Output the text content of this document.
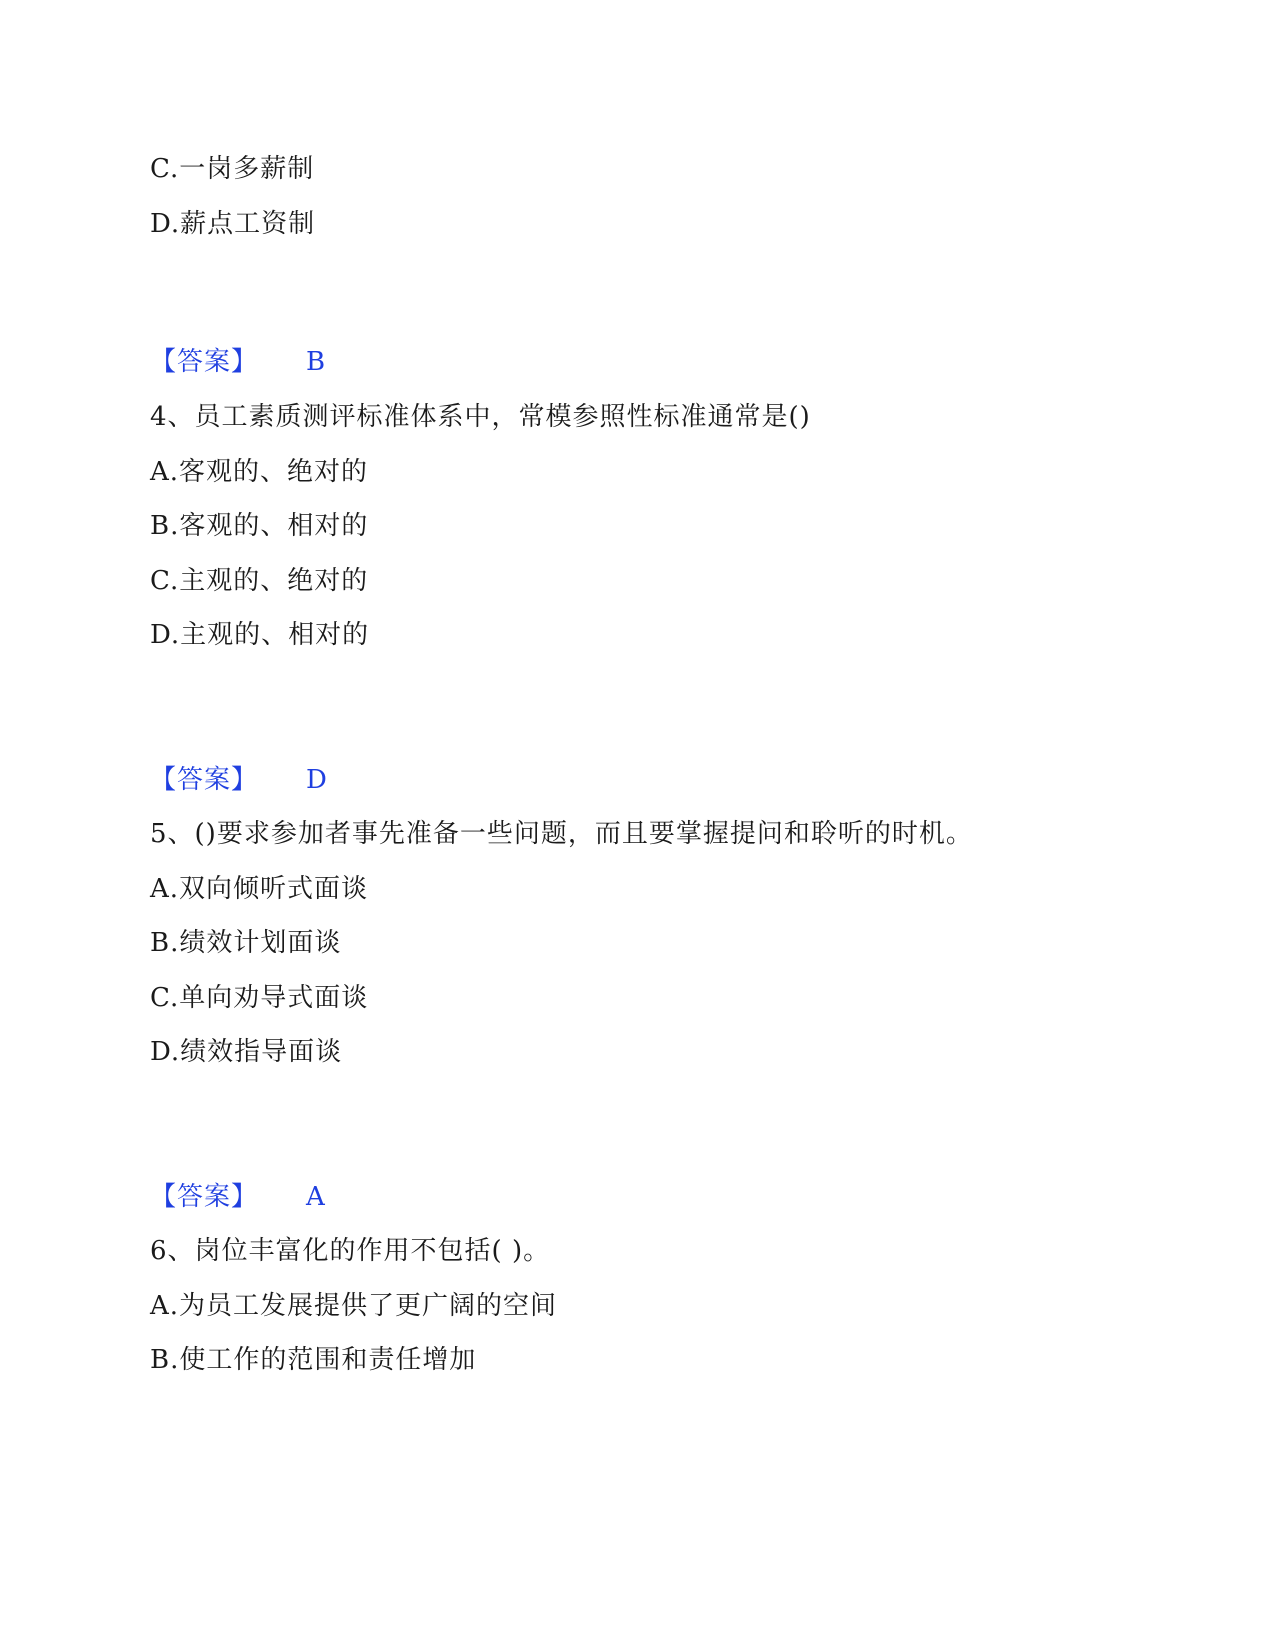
C.一岗多薪制
D.薪点工资制
【答案】 B
4、员工素质测评标准体系中，常模参照性标准通常是()
A.客观的、绝对的
B.客观的、相对的
C.主观的、绝对的
D.主观的、相对的
【答案】 D
5、()要求参加者事先准备一些问题，而且要掌握提问和聆听的时机。
A.双向倾听式面谈
B.绩效计划面谈
C.单向劝导式面谈
D.绩效指导面谈
【答案】 A
6、岗位丰富化的作用不包括( )。
A.为员工发展提供了更广阔的空间
B.使工作的范围和责任增加
